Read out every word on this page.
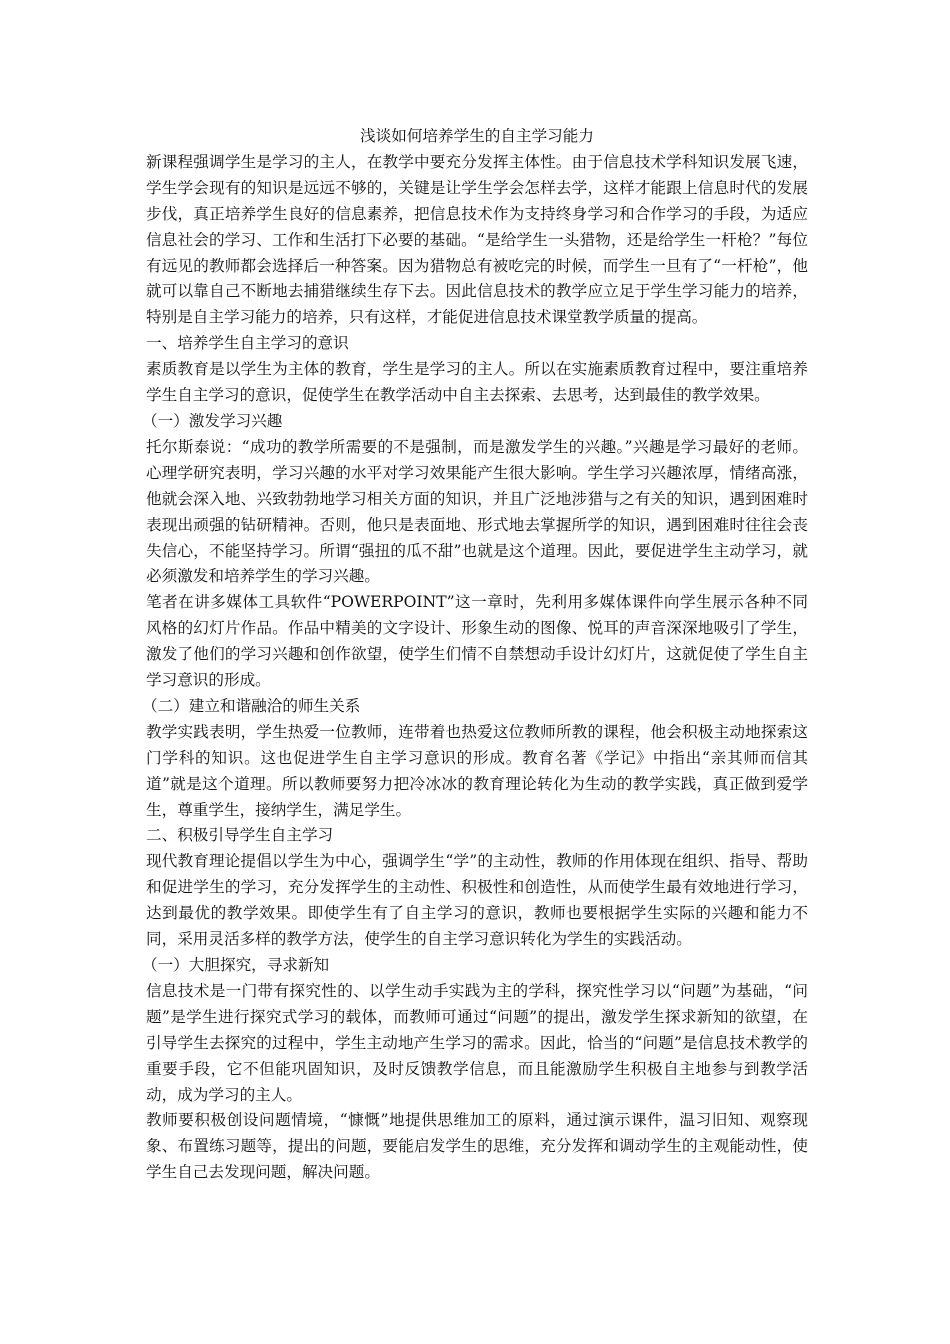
浅谈如何培养学生的自主学习能力

新课程强调学生是学习的主人，在教学中要充分发挥主体性。由于信息技术学科知识发展飞速，学生学会现有的知识是远远不够的，关键是让学生学会怎样去学，这样才能跟上信息时代的发展步伐，真正培养学生良好的信息素养，把信息技术作为支持终身学习和合作学习的手段，为适应信息社会的学习、工作和生活打下必要的基础。“是给学生一头猎物，还是给学生一杆枪？”每位有远见的教师都会选择后一种答案。因为猎物总有被吃完的时候，而学生一旦有了“一杆枪”，他就可以靠自己不断地去捕猎继续生存下去。因此信息技术的教学应立足于学生学习能力的培养，特别是自主学习能力的培养，只有这样，才能促进信息技术课堂教学质量的提高。

一、培养学生自主学习的意识

素质教育是以学生为主体的教育，学生是学习的主人。所以在实施素质教育过程中，要注重培养学生自主学习的意识，促使学生在教学活动中自主去探索、去思考，达到最佳的教学效果。

（一）激发学习兴趣

托尔斯泰说：“成功的教学所需要的不是强制，而是激发学生的兴趣。”兴趣是学习最好的老师。心理学研究表明，学习兴趣的水平对学习效果能产生很大影响。学生学习兴趣浓厚，情绪高涨，他就会深入地、兴致勃勃地学习相关方面的知识，并且广泛地涉猎与之有关的知识，遇到困难时表现出顽强的钻研精神。否则，他只是表面地、形式地去掌握所学的知识，遇到困难时往往会丧失信心，不能坚持学习。所谓“强扭的瓜不甜”也就是这个道理。因此，要促进学生主动学习，就必须激发和培养学生的学习兴趣。

笔者在讲多媒体工具软件“POWERPOINT”这一章时，先利用多媒体课件向学生展示各种不同风格的幻灯片作品。作品中精美的文字设计、形象生动的图像、悦耳的声音深深地吸引了学生，激发了他们的学习兴趣和创作欲望，使学生们情不自禁想动手设计幻灯片，这就促使了学生自主学习意识的形成。

（二）建立和谐融洽的师生关系

教学实践表明，学生热爱一位教师，连带着也热爱这位教师所教的课程，他会积极主动地探索这门学科的知识。这也促进学生自主学习意识的形成。教育名著《学记》中指出“亲其师而信其道”就是这个道理。所以教师要努力把冷冰冰的教育理论转化为生动的教学实践，真正做到爱学生，尊重学生，接纳学生，满足学生。

二、积极引导学生自主学习

现代教育理论提倡以学生为中心，强调学生“学”的主动性，教师的作用体现在组织、指导、帮助和促进学生的学习，充分发挥学生的主动性、积极性和创造性，从而使学生最有效地进行学习，达到最优的教学效果。即使学生有了自主学习的意识，教师也要根据学生实际的兴趣和能力不同，采用灵活多样的教学方法，使学生的自主学习意识转化为学生的实践活动。

（一）大胆探究，寻求新知

信息技术是一门带有探究性的、以学生动手实践为主的学科，探究性学习以“问题”为基础，“问题”是学生进行探究式学习的载体，而教师可通过“问题”的提出，激发学生探求新知的欲望，在引导学生去探究的过程中，学生主动地产生学习的需求。因此，恰当的“问题”是信息技术教学的重要手段，它不但能巩固知识，及时反馈教学信息，而且能激励学生积极自主地参与到教学活动，成为学习的主人。

教师要积极创设问题情境，“慷慨”地提供思维加工的原料，通过演示课件，温习旧知、观察现象、布置练习题等，提出的问题，要能启发学生的思维，充分发挥和调动学生的主观能动性，使学生自己去发现问题，解决问题。
